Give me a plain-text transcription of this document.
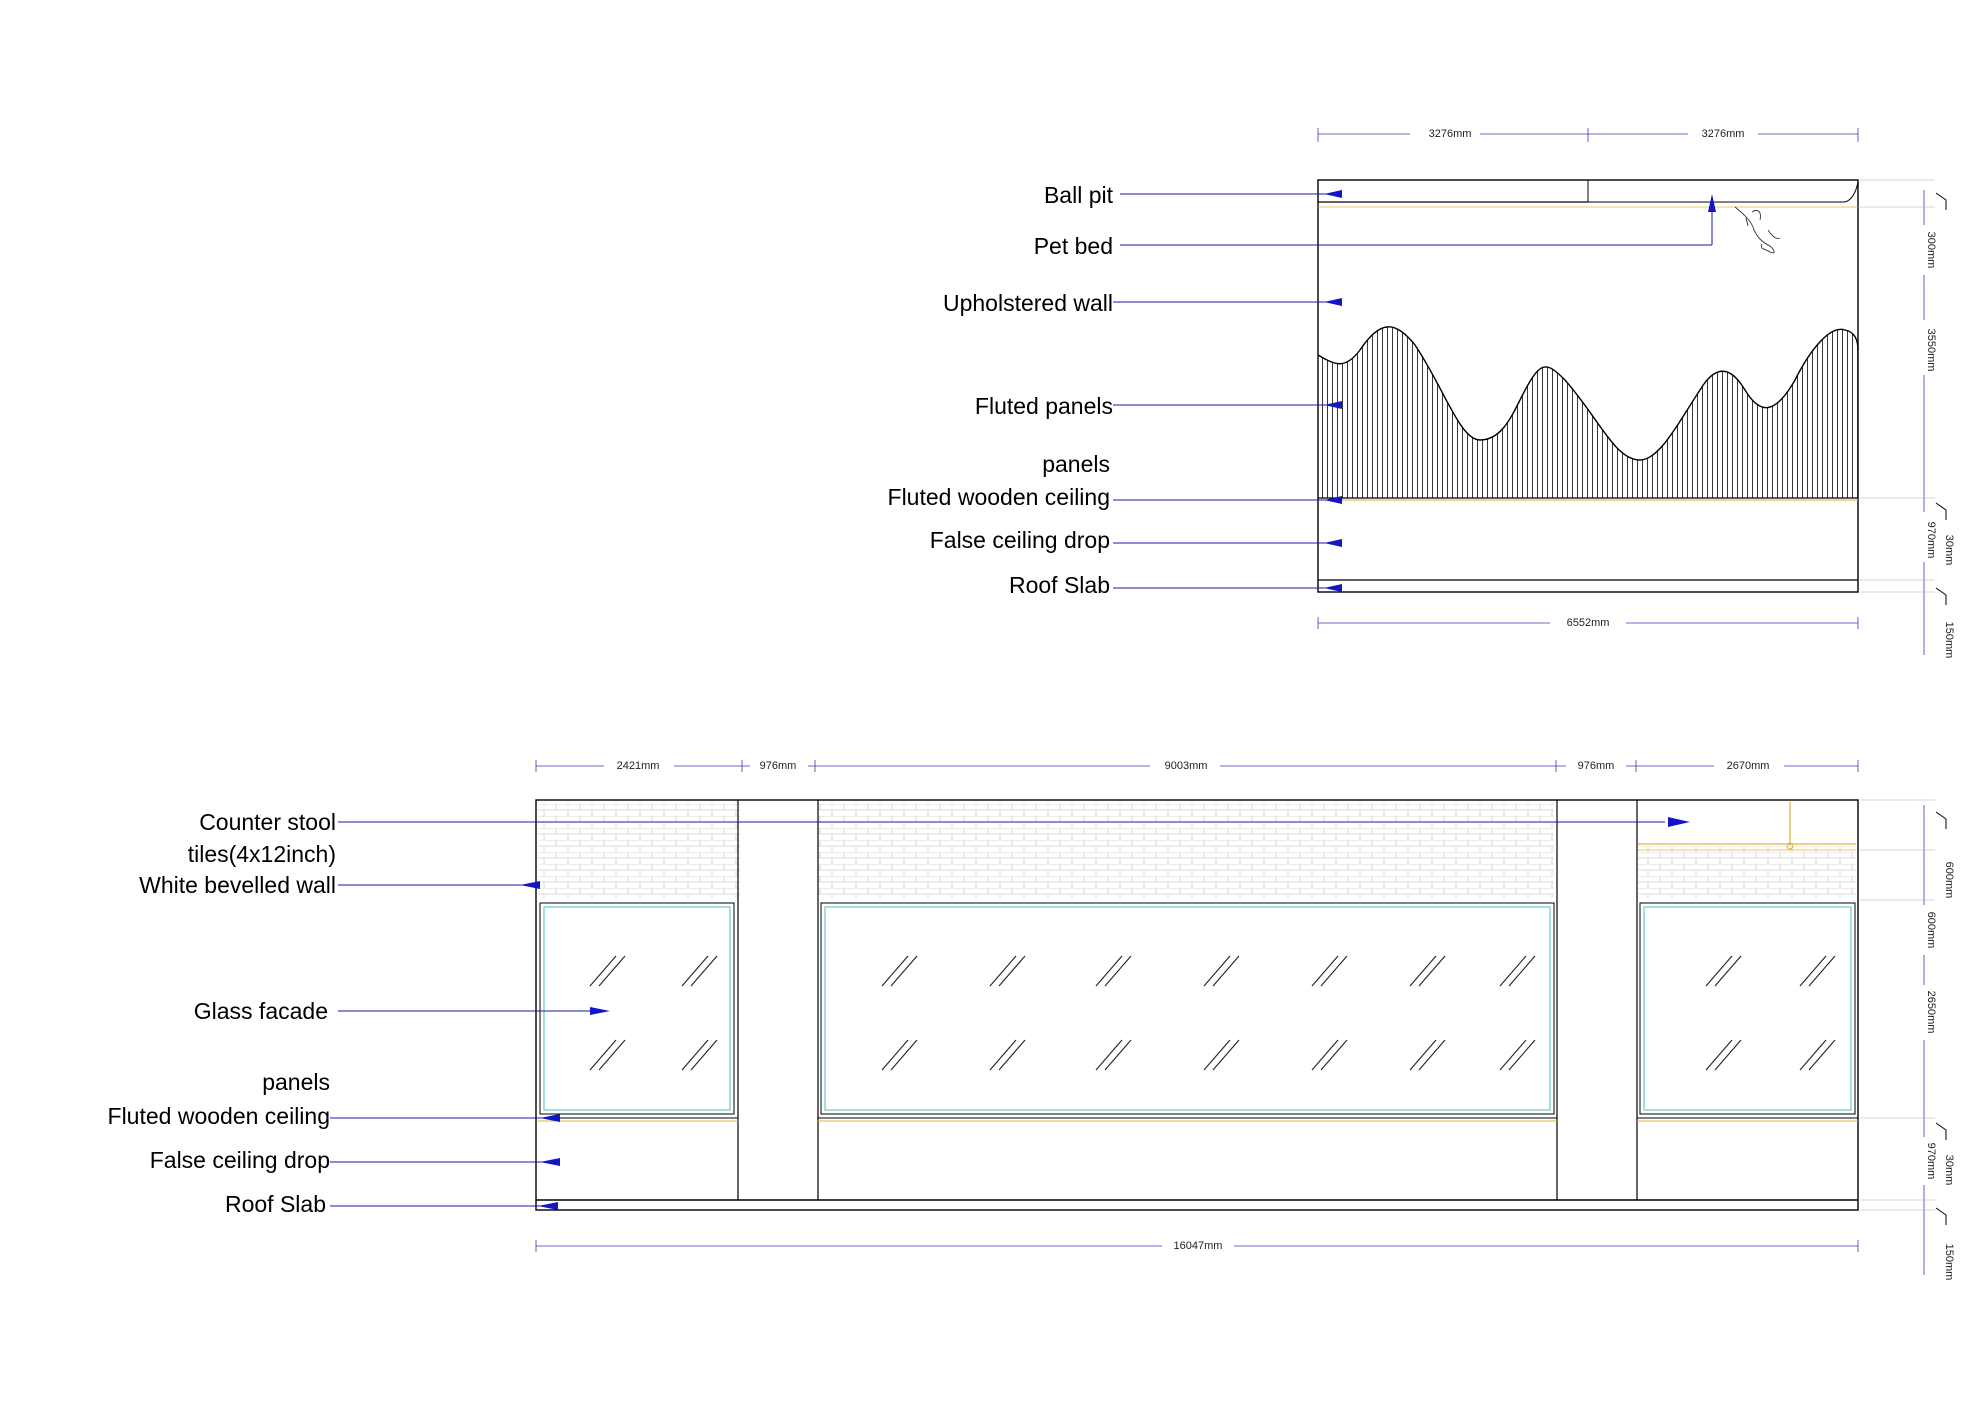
3276mm	3276mm
300mm
3550mm
970mm 30mm
150mm
6552mm
Ball pit
Pet bed
Upholstered wall
Fluted panels
panels
Fluted wooden ceiling
False ceiling drop
Roof Slab
2421mm	976mm	9003mm	976mm	2670mm
600mm
600mm
2650mm
970mm 30mm
150mm
16047mm
Counter stool
tiles(4x12inch)
White bevelled wall
Glass facade
panels
Fluted wooden ceiling
False ceiling drop
Roof Slab
